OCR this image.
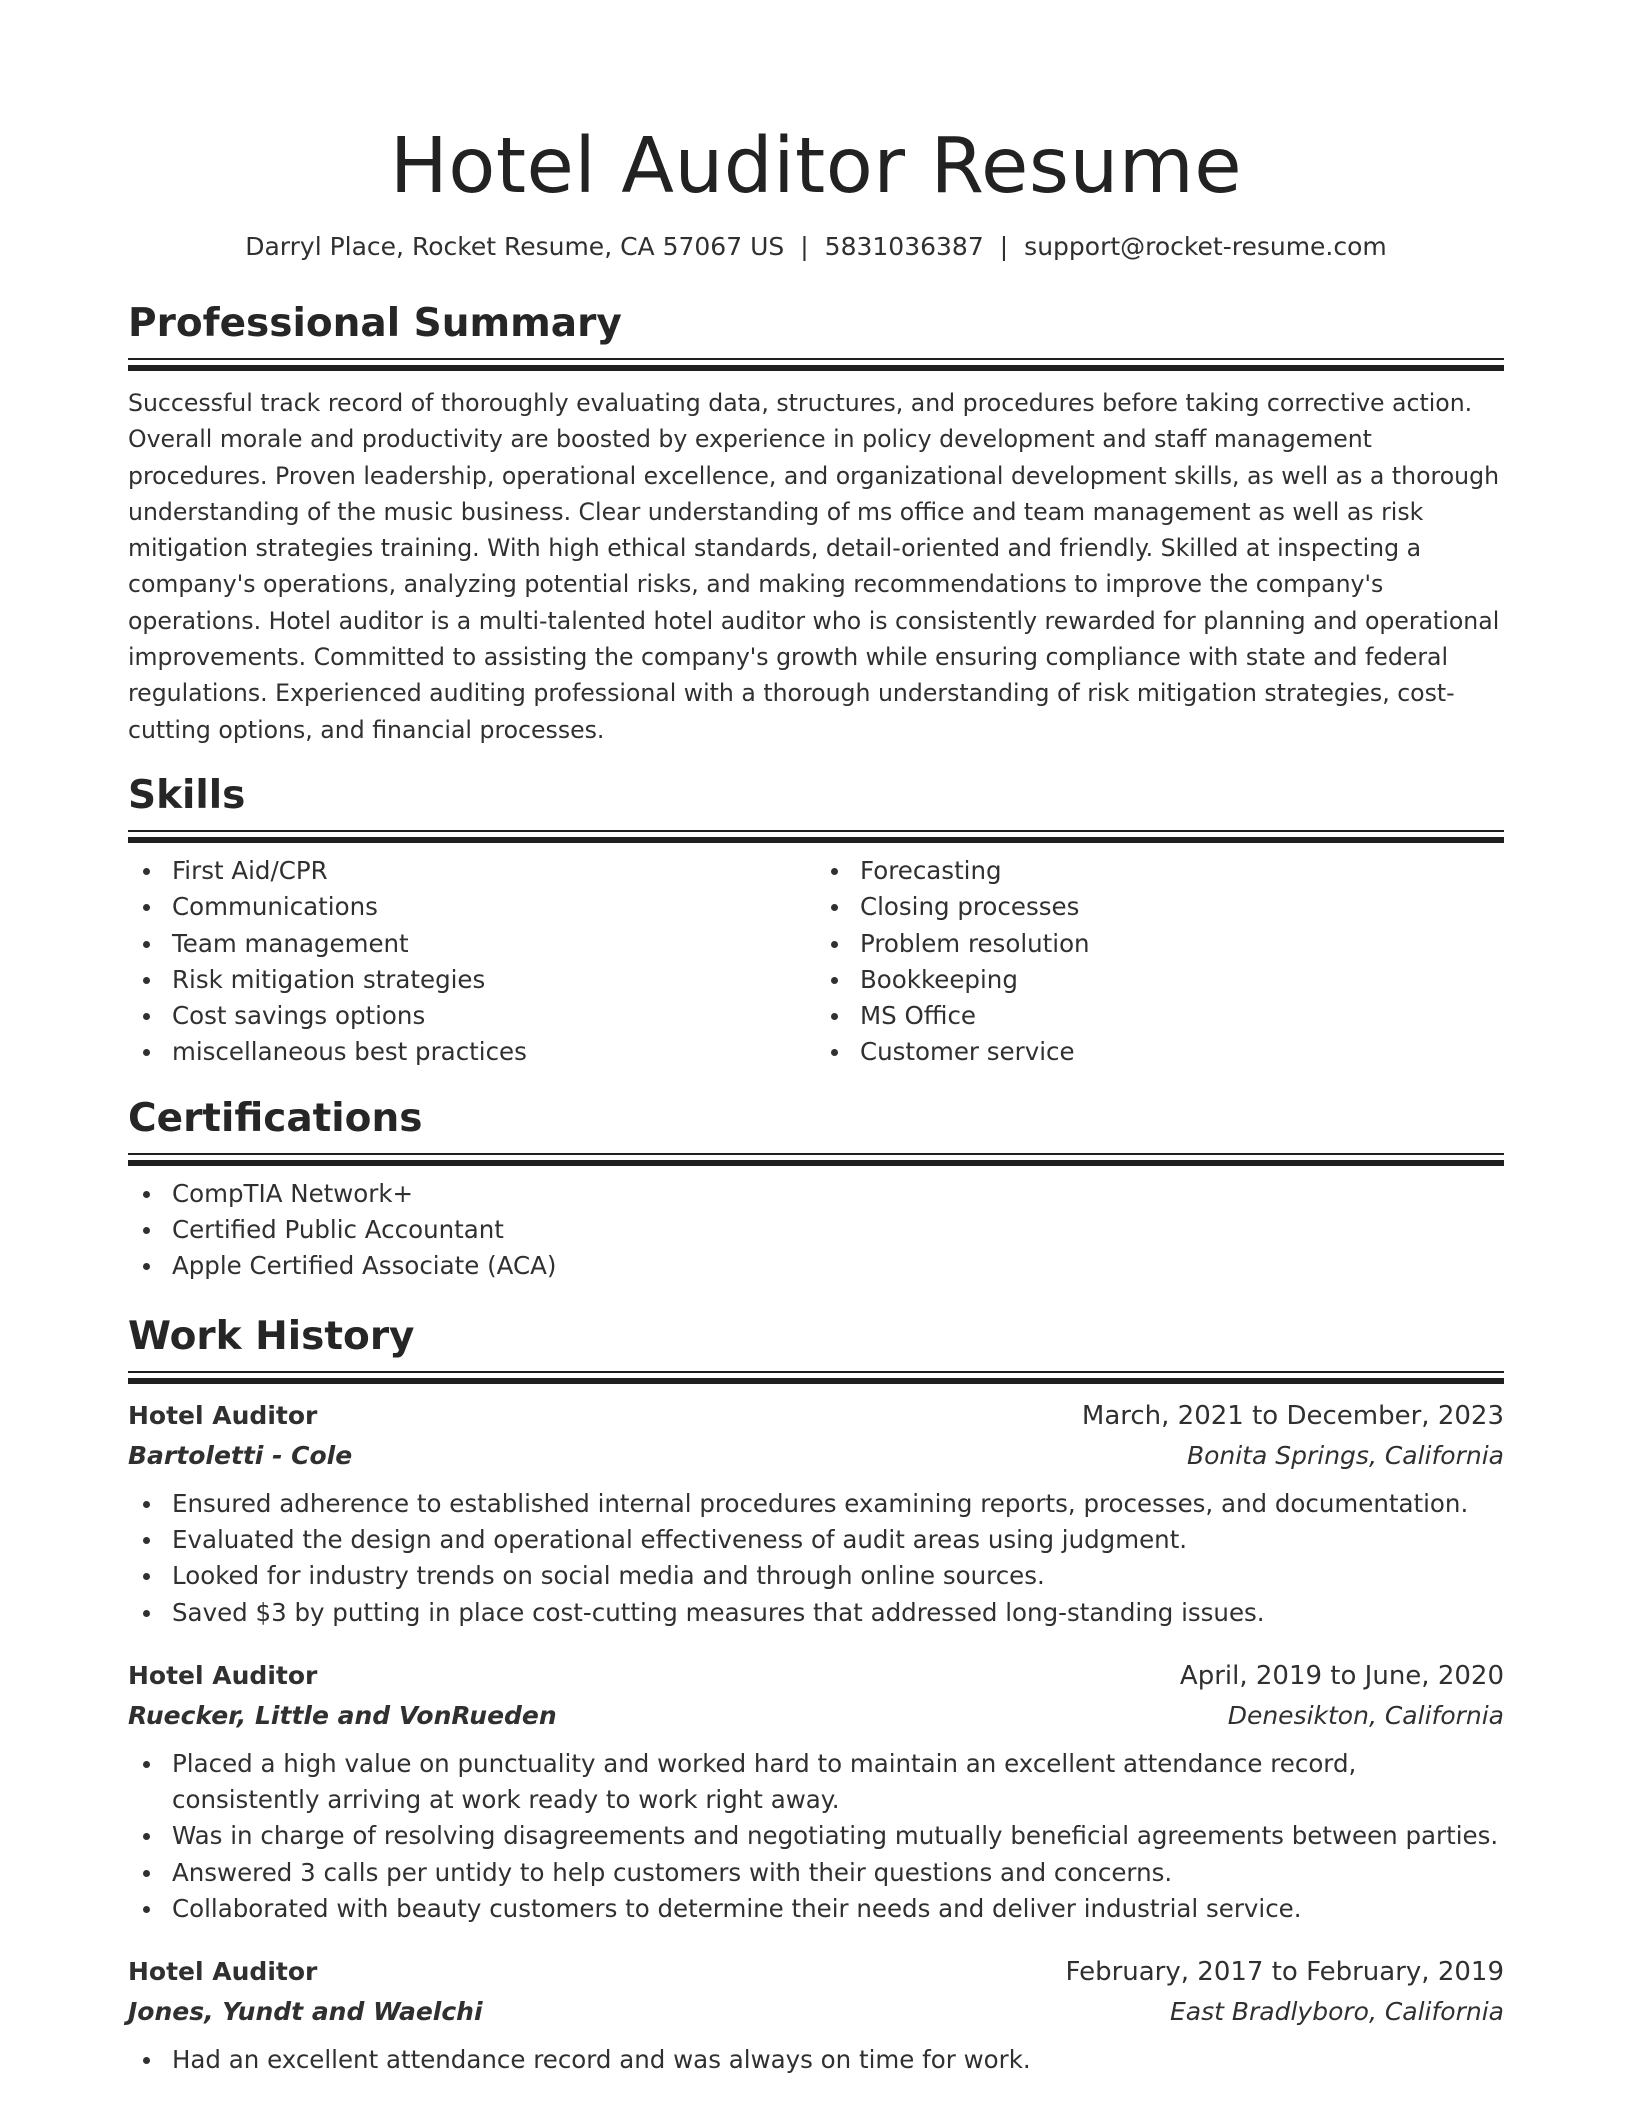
Hotel Auditor Resume
Darryl Place, Rocket Resume, CA 57067 US | 5831036387 | support@rocket-resume.com
Professional Summary

Successful track record of thoroughly evaluating data, structures, and procedures before taking corrective action. Overall morale and productivity are boosted by experience in policy development and staff management procedures. Proven leadership, operational excellence, and organizational development skills, as well as a thorough understanding of the music business. Clear understanding of ms office and team management as well as risk mitigation strategies training. With high ethical standards, detail-oriented and friendly. Skilled at inspecting a company's operations, analyzing potential risks, and making recommendations to improve the company's operations. Hotel auditor is a multi-talented hotel auditor who is consistently rewarded for planning and operational improvements. Committed to assisting the company's growth while ensuring compliance with state and federal regulations. Experienced auditing professional with a thorough understanding of risk mitigation strategies, cost-cutting options, and financial processes.

Skills
First Aid/CPR
Communications
Team management
Risk mitigation strategies
Cost savings options
miscellaneous best practices
Forecasting
Closing processes
Problem resolution
Bookkeeping
MS Office
Customer service
Certifications
CompTIA Network+
Certified Public Accountant
Apple Certified Associate (ACA)
Work History
Hotel Auditor	March, 2021 to December, 2023
Bartoletti - Cole	Bonita Springs, California
Ensured adherence to established internal procedures examining reports, processes, and documentation.
Evaluated the design and operational effectiveness of audit areas using judgment.
Looked for industry trends on social media and through online sources.
Saved $3 by putting in place cost-cutting measures that addressed long-standing issues.
Hotel Auditor	April, 2019 to June, 2020
Ruecker, Little and VonRueden	Denesikton, California
Placed a high value on punctuality and worked hard to maintain an excellent attendance record, consistently arriving at work ready to work right away.
Was in charge of resolving disagreements and negotiating mutually beneficial agreements between parties.
Answered 3 calls per untidy to help customers with their questions and concerns.
Collaborated with beauty customers to determine their needs and deliver industrial service.
Hotel Auditor	February, 2017 to February, 2019
Jones, Yundt and Waelchi	East Bradlyboro, California
Had an excellent attendance record and was always on time for work.
